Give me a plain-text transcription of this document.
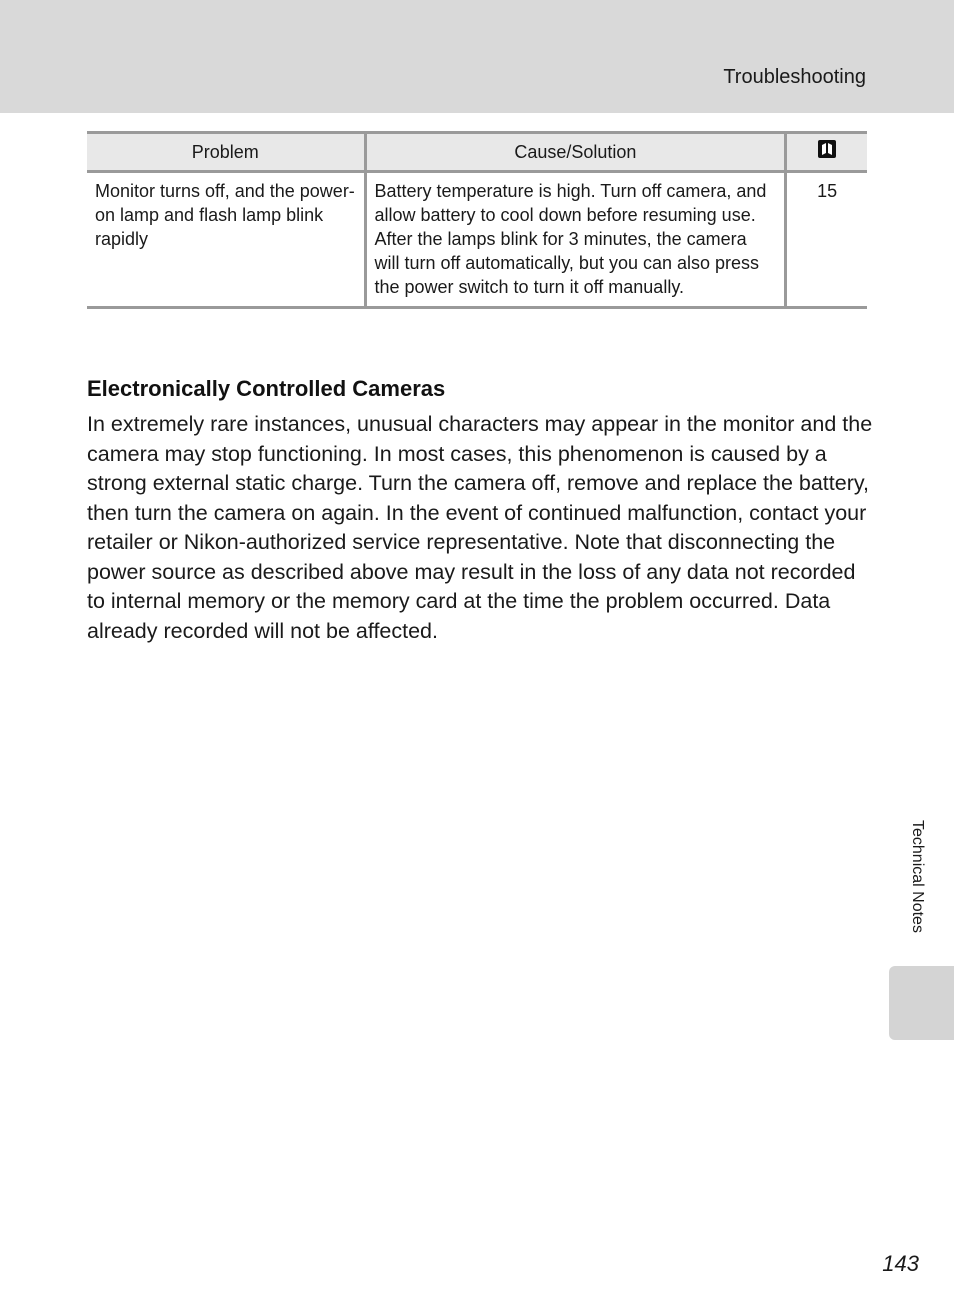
Troubleshooting
Problem	Cause/Solution	
Monitor turns off, and the power-on lamp and flash lamp blink rapidly	Battery temperature is high. Turn off camera, and allow battery to cool down before resuming use. After the lamps blink for 3 minutes, the camera will turn off automatically, but you can also press the power switch to turn it off manually.	15
Electronically Controlled Cameras

In extremely rare instances, unusual characters may appear in the monitor and the camera may stop functioning. In most cases, this phenomenon is caused by a strong external static charge. Turn the camera off, remove and replace the battery, then turn the camera on again. In the event of continued malfunction, contact your retailer or Nikon-authorized service representative. Note that disconnecting the power source as described above may result in the loss of any data not recorded to internal memory or the memory card at the time the problem occurred. Data already recorded will not be affected.

Technical Notes
143
